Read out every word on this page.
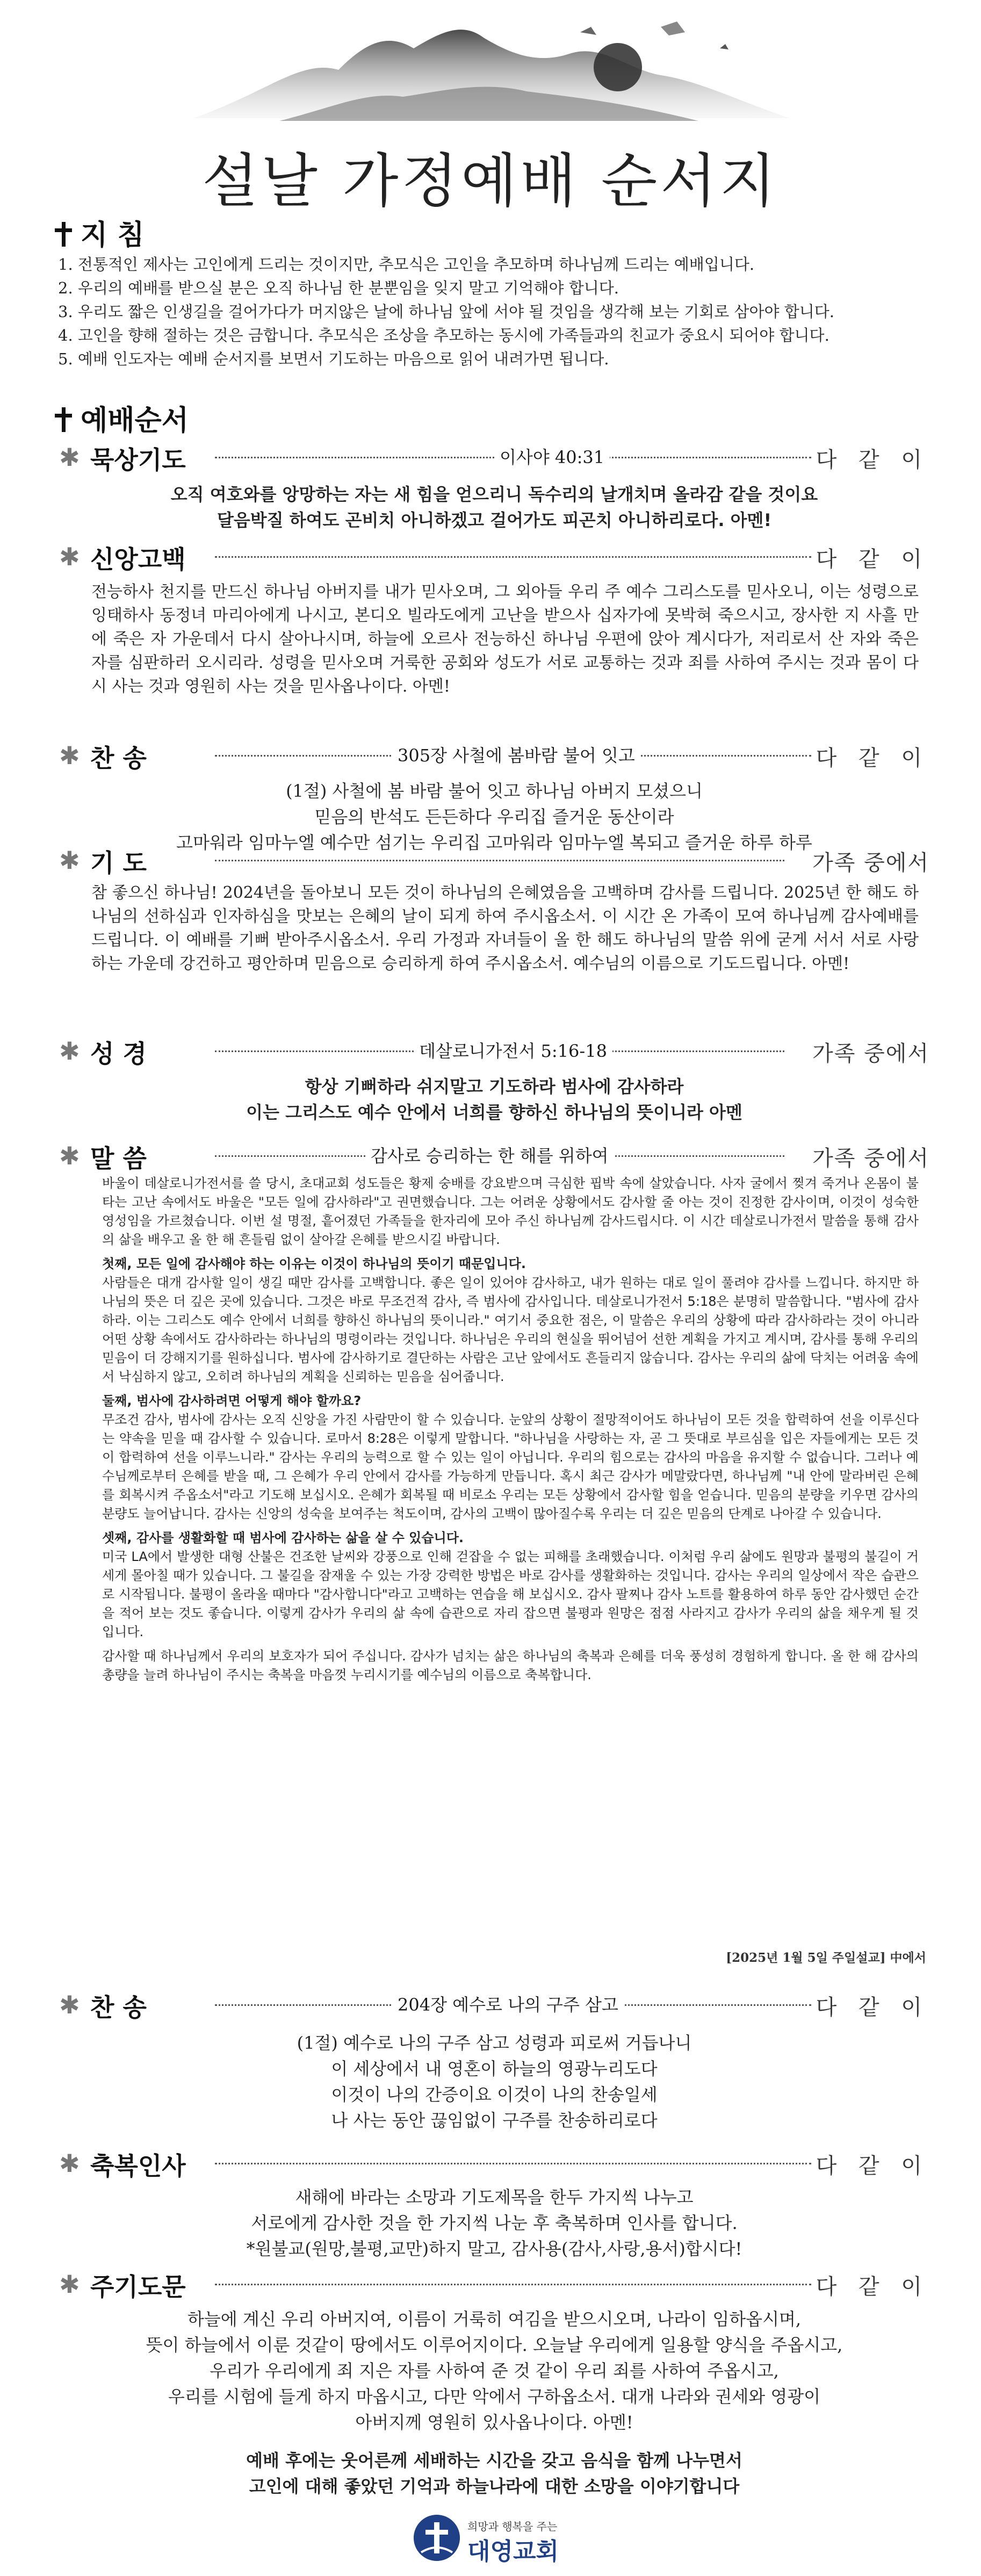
설날 가정예배 순서지
지 침
1. 전통적인 제사는 고인에게 드리는 것이지만, 추모식은 고인을 추모하며 하나님께 드리는 예배입니다.
2. 우리의 예배를 받으실 분은 오직 하나님 한 분뿐임을 잊지 말고 기억해야 합니다.
3. 우리도 짧은 인생길을 걸어가다가 머지않은 날에 하나님 앞에 서야 될 것임을 생각해 보는 기회로 삼아야 합니다.
4. 고인을 향해 절하는 것은 금합니다. 추모식은 조상을 추모하는 동시에 가족들과의 친교가 중요시 되어야 합니다.
5. 예배 인도자는 예배 순서지를 보면서 기도하는 마음으로 읽어 내려가면 됩니다.
예배순서
✱ 묵상기도	이사야 40:31	다 같 이
오직 여호와를 앙망하는 자는 새 힘을 얻으리니 독수리의 날개치며 올라감 같을 것이요
달음박질 하여도 곤비치 아니하겠고 걸어가도 피곤치 아니하리로다. 아멘!
✱ 신앙고백	다 같 이
전능하사 천지를 만드신 하나님 아버지를 내가 믿사오며, 그 외아들 우리 주 예수 그리스도를 믿사오니, 이는 성령으로 잉태하사 동정녀 마리아에게 나시고, 본디오 빌라도에게 고난을 받으사 십자가에 못박혀 죽으시고, 장사한 지 사흘 만에 죽은 자 가운데서 다시 살아나시며, 하늘에 오르사 전능하신 하나님 우편에 앉아 계시다가, 저리로서 산 자와 죽은 자를 심판하러 오시리라. 성령을 믿사오며 거룩한 공회와 성도가 서로 교통하는 것과 죄를 사하여 주시는 것과 몸이 다시 사는 것과 영원히 사는 것을 믿사옵나이다. 아멘!
✱ 찬 송	305장 사철에 봄바람 불어 잇고	다 같 이
(1절) 사철에 봄 바람 불어 잇고 하나님 아버지 모셨으니
믿음의 반석도 든든하다 우리집 즐거운 동산이라
고마워라 임마누엘 예수만 섬기는 우리집 고마워라 임마누엘 복되고 즐거운 하루 하루
✱ 기 도	가족 중에서
참 좋으신 하나님! 2024년을 돌아보니 모든 것이 하나님의 은혜였음을 고백하며 감사를 드립니다. 2025년 한 해도 하나님의 선하심과 인자하심을 맛보는 은혜의 날이 되게 하여 주시옵소서. 이 시간 온 가족이 모여 하나님께 감사예배를 드립니다. 이 예배를 기뻐 받아주시옵소서. 우리 가정과 자녀들이 올 한 해도 하나님의 말씀 위에 굳게 서서 서로 사랑하는 가운데 강건하고 평안하며 믿음으로 승리하게 하여 주시옵소서. 예수님의 이름으로 기도드립니다. 아멘!
✱ 성 경	데살로니가전서 5:16-18	가족 중에서
항상 기뻐하라 쉬지말고 기도하라 범사에 감사하라
이는 그리스도 예수 안에서 너희를 향하신 하나님의 뜻이니라 아멘
✱ 말 씀	감사로 승리하는 한 해를 위하여	가족 중에서

바울이 데살로니가전서를 쓸 당시, 초대교회 성도들은 황제 숭배를 강요받으며 극심한 핍박 속에 살았습니다. 사자 굴에서 찢겨 죽거나 온몸이 불타는 고난 속에서도 바울은 "모든 일에 감사하라"고 권면했습니다. 그는 어려운 상황에서도 감사할 줄 아는 것이 진정한 감사이며, 이것이 성숙한 영성임을 가르쳤습니다. 이번 설 명절, 흩어졌던 가족들을 한자리에 모아 주신 하나님께 감사드립시다. 이 시간 데살로니가전서 말씀을 통해 감사의 삶을 배우고 올 한 해 흔들림 없이 살아갈 은혜를 받으시길 바랍니다.

첫째, 모든 일에 감사해야 하는 이유는 이것이 하나님의 뜻이기 때문입니다.

사람들은 대개 감사할 일이 생길 때만 감사를 고백합니다. 좋은 일이 있어야 감사하고, 내가 원하는 대로 일이 풀려야 감사를 느낍니다. 하지만 하나님의 뜻은 더 깊은 곳에 있습니다. 그것은 바로 무조건적 감사, 즉 범사에 감사입니다. 데살로니가전서 5:18은 분명히 말씀합니다. "범사에 감사하라. 이는 그리스도 예수 안에서 너희를 향하신 하나님의 뜻이니라." 여기서 중요한 점은, 이 말씀은 우리의 상황에 따라 감사하라는 것이 아니라 어떤 상황 속에서도 감사하라는 하나님의 명령이라는 것입니다. 하나님은 우리의 현실을 뛰어넘어 선한 계획을 가지고 계시며, 감사를 통해 우리의 믿음이 더 강해지기를 원하십니다. 범사에 감사하기로 결단하는 사람은 고난 앞에서도 흔들리지 않습니다. 감사는 우리의 삶에 닥치는 어려움 속에서 낙심하지 않고, 오히려 하나님의 계획을 신뢰하는 믿음을 심어줍니다.

둘째, 범사에 감사하려면 어떻게 해야 할까요?

무조건 감사, 범사에 감사는 오직 신앙을 가진 사람만이 할 수 있습니다. 눈앞의 상황이 절망적이어도 하나님이 모든 것을 합력하여 선을 이루신다는 약속을 믿을 때 감사할 수 있습니다. 로마서 8:28은 이렇게 말합니다. "하나님을 사랑하는 자, 곧 그 뜻대로 부르심을 입은 자들에게는 모든 것이 합력하여 선을 이루느니라." 감사는 우리의 능력으로 할 수 있는 일이 아닙니다. 우리의 힘으로는 감사의 마음을 유지할 수 없습니다. 그러나 예수님께로부터 은혜를 받을 때, 그 은혜가 우리 안에서 감사를 가능하게 만듭니다. 혹시 최근 감사가 메말랐다면, 하나님께 "내 안에 말라버린 은혜를 회복시켜 주옵소서"라고 기도해 보십시오. 은혜가 회복될 때 비로소 우리는 모든 상황에서 감사할 힘을 얻습니다. 믿음의 분량을 키우면 감사의 분량도 늘어납니다. 감사는 신앙의 성숙을 보여주는 척도이며, 감사의 고백이 많아질수록 우리는 더 깊은 믿음의 단계로 나아갈 수 있습니다.

셋째, 감사를 생활화할 때 범사에 감사하는 삶을 살 수 있습니다.

미국 LA에서 발생한 대형 산불은 건조한 날씨와 강풍으로 인해 걷잡을 수 없는 피해를 초래했습니다. 이처럼 우리 삶에도 원망과 불평의 불길이 거세게 몰아칠 때가 있습니다. 그 불길을 잠재울 수 있는 가장 강력한 방법은 바로 감사를 생활화하는 것입니다. 감사는 우리의 일상에서 작은 습관으로 시작됩니다. 불평이 올라올 때마다 "감사합니다"라고 고백하는 연습을 해 보십시오. 감사 팔찌나 감사 노트를 활용하여 하루 동안 감사했던 순간을 적어 보는 것도 좋습니다. 이렇게 감사가 우리의 삶 속에 습관으로 자리 잡으면 불평과 원망은 점점 사라지고 감사가 우리의 삶을 채우게 될 것입니다.

감사할 때 하나님께서 우리의 보호자가 되어 주십니다. 감사가 넘치는 삶은 하나님의 축복과 은혜를 더욱 풍성히 경험하게 합니다. 올 한 해 감사의 총량을 늘려 하나님이 주시는 축복을 마음껏 누리시기를 예수님의 이름으로 축복합니다.

[2025년 1월 5일 주일설교] 中에서
✱ 찬 송	204장 예수로 나의 구주 삼고	다 같 이
(1절) 예수로 나의 구주 삼고 성령과 피로써 거듭나니
이 세상에서 내 영혼이 하늘의 영광누리도다
이것이 나의 간증이요 이것이 나의 찬송일세
나 사는 동안 끊임없이 구주를 찬송하리로다
✱ 축복인사	다 같 이
새해에 바라는 소망과 기도제목을 한두 가지씩 나누고
서로에게 감사한 것을 한 가지씩 나눈 후 축복하며 인사를 합니다.
*원불교(원망,불평,교만)하지 말고, 감사용(감사,사랑,용서)합시다!
✱ 주기도문	다 같 이
하늘에 계신 우리 아버지여, 이름이 거룩히 여김을 받으시오며, 나라이 임하옵시며,
뜻이 하늘에서 이룬 것같이 땅에서도 이루어지이다. 오늘날 우리에게 일용할 양식을 주옵시고,
우리가 우리에게 죄 지은 자를 사하여 준 것 같이 우리 죄를 사하여 주옵시고,
우리를 시험에 들게 하지 마옵시고, 다만 악에서 구하옵소서. 대개 나라와 권세와 영광이
아버지께 영원히 있사옵나이다. 아멘!
예배 후에는 웃어른께 세배하는 시간을 갖고 음식을 함께 나누면서
고인에 대해 좋았던 기억과 하늘나라에 대한 소망을 이야기합니다
희망과 행복을 주는
대영교회
